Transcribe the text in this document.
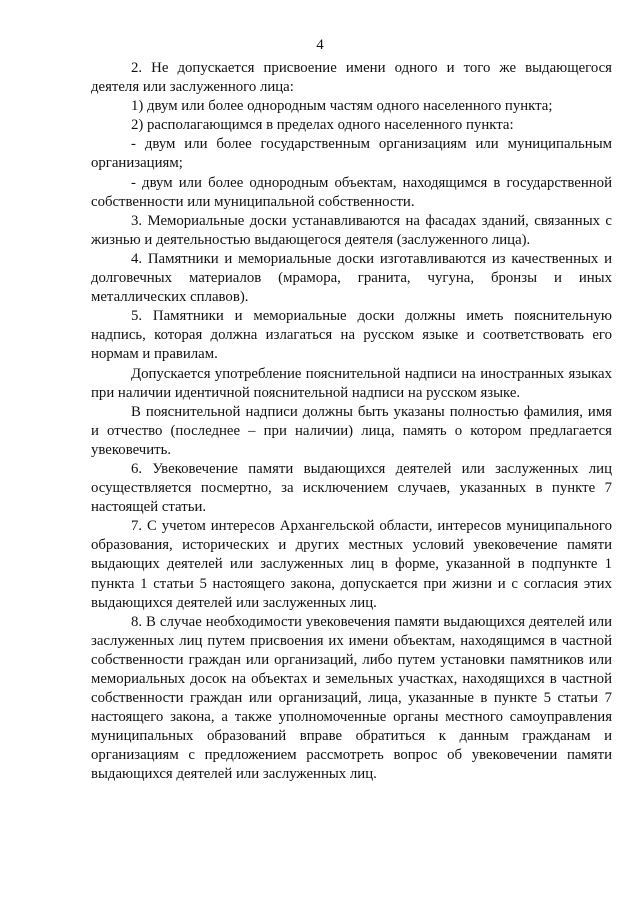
4

2. Не допускается присвоение имени одного и того же выдающегося деятеля или заслуженного лица:

1) двум или более однородным частям одного населенного пункта;

2) располагающимся в пределах одного населенного пункта:

- двум или более государственным организациям или муниципальным организациям;

- двум или более однородным объектам, находящимся в государственной собственности или муниципальной собственности.

3. Мемориальные доски устанавливаются на фасадах зданий, связанных с жизнью и деятельностью выдающегося деятеля (заслуженного лица).

4. Памятники и мемориальные доски изготавливаются из качественных и долговечных материалов (мрамора, гранита, чугуна, бронзы и иных металлических сплавов).

5. Памятники и мемориальные доски должны иметь пояснительную надпись, которая должна излагаться на русском языке и соответствовать его нормам и правилам.

Допускается употребление пояснительной надписи на иностранных языках при наличии идентичной пояснительной надписи на русском языке.

В пояснительной надписи должны быть указаны полностью фамилия, имя и отчество (последнее – при наличии) лица, память о котором предлагается увековечить.

6. Увековечение памяти выдающихся деятелей или заслуженных лиц осуществляется посмертно, за исключением случаев, указанных в пункте 7 настоящей статьи.

7. С учетом интересов Архангельской области, интересов муниципального образования, исторических и других местных условий увековечение памяти выдающих деятелей или заслуженных лиц в форме, указанной в подпункте 1 пункта 1 статьи 5 настоящего закона, допускается при жизни и с согласия этих выдающихся деятелей или заслуженных лиц.

8. В случае необходимости увековечения памяти выдающихся деятелей или заслуженных лиц путем присвоения их имени объектам, находящимся в частной собственности граждан или организаций, либо путем установки памятников или мемориальных досок на объектах и земельных участках, находящихся в частной собственности граждан или организаций, лица, указанные в пункте 5 статьи 7 настоящего закона, а также уполномоченные органы местного самоуправления муниципальных образований вправе обратиться к данным гражданам и организациям с предложением рассмотреть вопрос об увековечении памяти выдающихся деятелей или заслуженных лиц.
